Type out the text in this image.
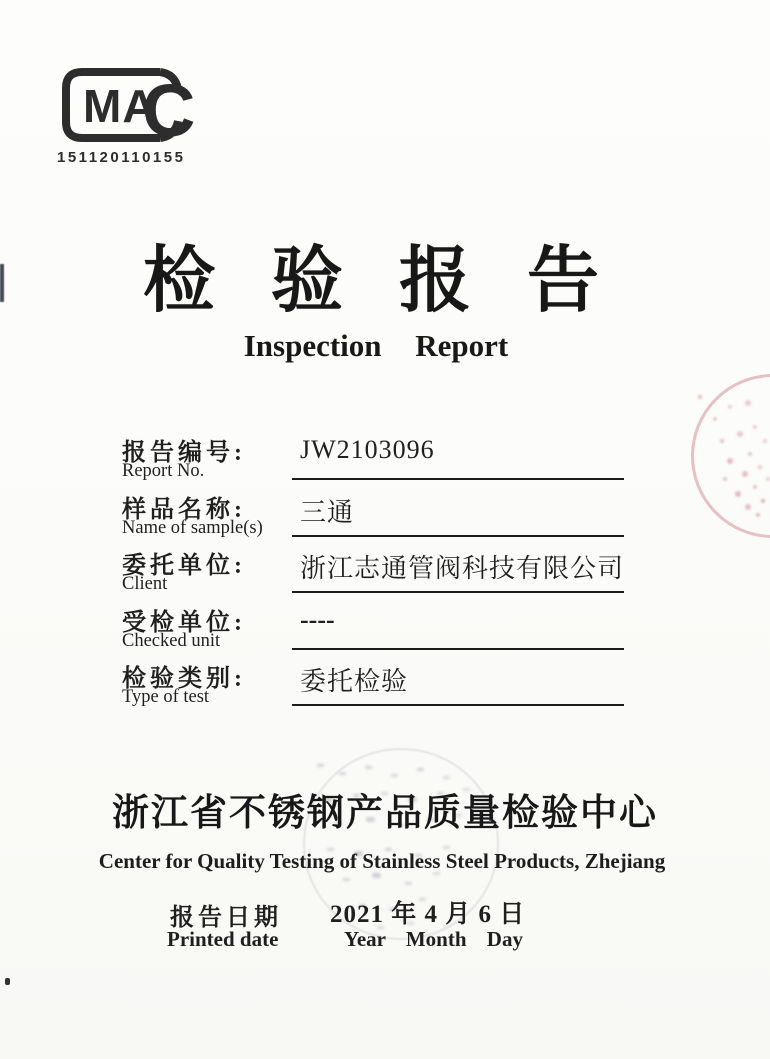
MA
C
151120110155
检验报告
Inspection Report
报告编号:
Report No.
JW2103096
样品名称:
Name of sample(s)
三通
委托单位:
Client
浙江志通管阀科技有限公司
受检单位:
Checked unit
----
检验类别:
Type of test
委托检验
浙江省不锈钢产品质量检验中心
Center for Quality Testing of Stainless Steel Products, Zhejiang
报告日期 2021 年 4 月 6 日
Printed date	Year Month Day
